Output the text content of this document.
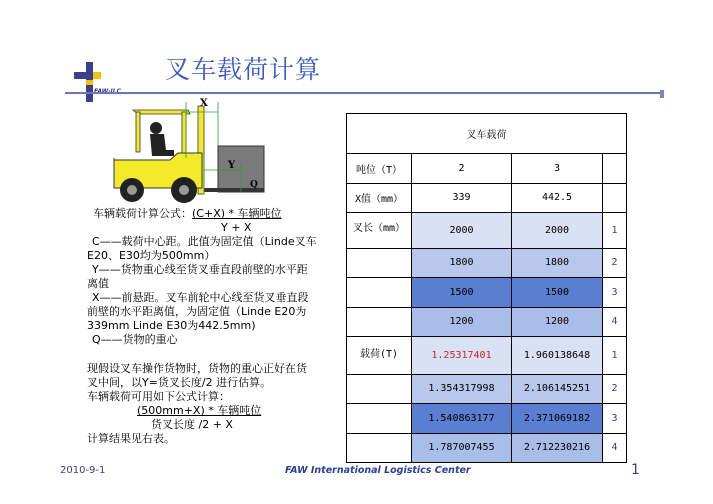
叉车载荷计算
X
Y
Q
车辆载荷计算公式：(C+X) * 车辆吨位
Y + X
C——载荷中心距。此值为固定值（Linde叉车
E20、E30均为500mm）
Y——货物重心线至货叉垂直段前壁的水平距
离值
X——前悬距。叉车前轮中心线至货叉垂直段
前壁的水平距离值，为固定值（Linde E20为
339mm Linde E30为442.5mm)
Q——货物的重心
现假设叉车操作货物时，货物的重心正好在货
叉中间，以Y=货叉长度/2 进行估算。
车辆载荷可用如下公式计算：
(500mm+X) * 车辆吨位
货叉长度 /2 + X
计算结果见右表。
叉车载荷			
吨位（T）	2	3	
X值（mm）	339	442.5	
叉长（mm）	2000	2000	1
	1800	1800	2
	1500	1500	3
	1200	1200	4
载荷(T)	1.25317401	1.960138648	1
	1.354317998	2.106145251	2
	1.540863177	2.371069182	3
	1.787007455	2.712230216	4
2010-9-1	FAW International Logistics Center	1
